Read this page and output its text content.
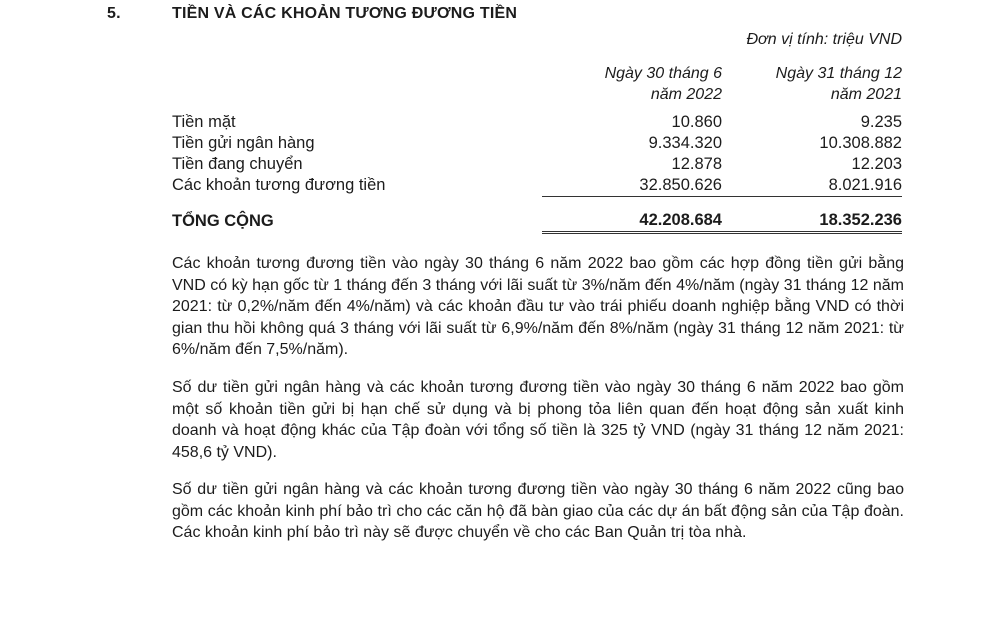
5.	TIỀN VÀ CÁC KHOẢN TƯƠNG ĐƯƠNG TIỀN
Đơn vị tính: triệu VND
Ngày 30 tháng 6
năm 2022
Ngày 31 tháng 12
năm 2021
Tiền mặt	10.860	9.235
Tiền gửi ngân hàng	9.334.320	10.308.882
Tiền đang chuyển	12.878	12.203
Các khoản tương đương tiền	32.850.626	8.021.916

TỔNG CỘNG	42.208.684	18.352.236

Các khoản tương đương tiền vào ngày 30 tháng 6 năm 2022 bao gồm các hợp đồng tiền gửi bằng VND có kỳ hạn gốc từ 1 tháng đến 3 tháng với lãi suất từ 3%/năm đến 4%/năm (ngày 31 tháng 12 năm 2021: từ 0,2%/năm đến 4%/năm) và các khoản đầu tư vào trái phiếu doanh nghiệp bằng VND có thời gian thu hồi không quá 3 tháng với lãi suất từ 6,9%/năm đến 8%/năm (ngày 31 tháng 12 năm 2021: từ 6%/năm đến 7,5%/năm).

Số dư tiền gửi ngân hàng và các khoản tương đương tiền vào ngày 30 tháng 6 năm 2022 bao gồm một số khoản tiền gửi bị hạn chế sử dụng và bị phong tỏa liên quan đến hoạt động sản xuất kinh doanh và hoạt động khác của Tập đoàn với tổng số tiền là 325 tỷ VND (ngày 31 tháng 12 năm 2021: 458,6 tỷ VND).

Số dư tiền gửi ngân hàng và các khoản tương đương tiền vào ngày 30 tháng 6 năm 2022 cũng bao gồm các khoản kinh phí bảo trì cho các căn hộ đã bàn giao của các dự án bất động sản của Tập đoàn. Các khoản kinh phí bảo trì này sẽ được chuyển về cho các Ban Quản trị tòa nhà.
